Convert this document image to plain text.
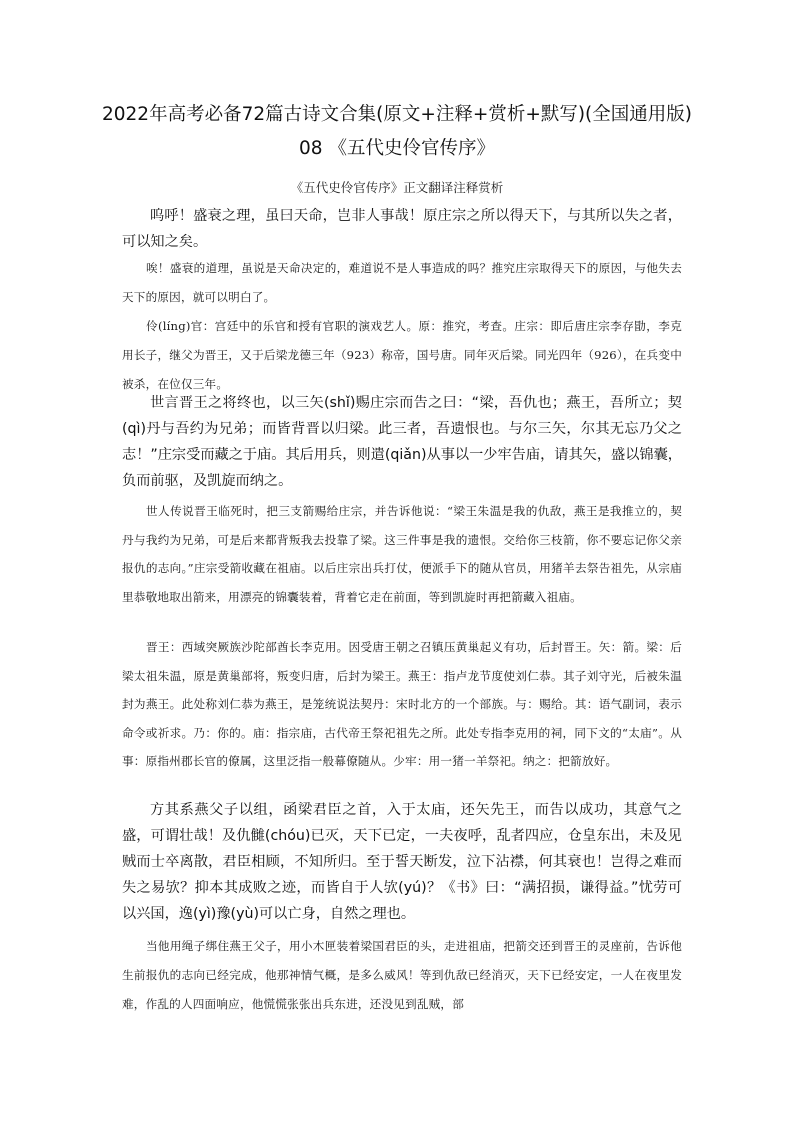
2022年高考必备72篇古诗文合集(原文+注释+赏析+默写)(全国通用版)
08 《五代史伶官传序》
《五代史伶官传序》正文翻译注释赏析

呜呼！盛衰之理，虽曰天命，岂非人事哉！原庄宗之所以得天下，与其所以失之者，可以知之矣。

唉！盛衰的道理，虽说是天命决定的，难道说不是人事造成的吗？推究庄宗取得天下的原因，与他失去天下的原因，就可以明白了。

伶(líng)官：宫廷中的乐官和授有官职的演戏艺人。原：推究，考查。庄宗：即后唐庄宗李存勖，李克用长子，继父为晋王，又于后梁龙德三年（923）称帝，国号唐。同年灭后梁。同光四年（926），在兵变中被杀，在位仅三年。

世言晋王之将终也，以三矢(shǐ)赐庄宗而告之曰：“梁，吾仇也；燕王，吾所立；契(qì)丹与吾约为兄弟；而皆背晋以归梁。此三者，吾遗恨也。与尔三矢，尔其无忘乃父之志！”庄宗受而藏之于庙。其后用兵，则遣(qiǎn)从事以一少牢告庙，请其矢，盛以锦囊，负而前驱，及凯旋而纳之。

世人传说晋王临死时，把三支箭赐给庄宗，并告诉他说：“梁王朱温是我的仇敌，燕王是我推立的，契丹与我约为兄弟，可是后来都背叛我去投靠了梁。这三件事是我的遗恨。交给你三枝箭，你不要忘记你父亲报仇的志向。”庄宗受箭收藏在祖庙。以后庄宗出兵打仗，便派手下的随从官员，用猪羊去祭告祖先，从宗庙里恭敬地取出箭来，用漂亮的锦囊装着，背着它走在前面，等到凯旋时再把箭藏入祖庙。

晋王：西域突厥族沙陀部酋长李克用。因受唐王朝之召镇压黄巢起义有功，后封晋王。矢：箭。梁：后梁太祖朱温，原是黄巢部将，叛变归唐，后封为梁王。燕王：指卢龙节度使刘仁恭。其子刘守光，后被朱温封为燕王。此处称刘仁恭为燕王，是笼统说法契丹：宋时北方的一个部族。与：赐给。其：语气副词，表示命令或祈求。乃：你的。庙：指宗庙，古代帝王祭祀祖先之所。此处专指李克用的祠，同下文的“太庙”。从事：原指州郡长官的僚属，这里泛指一般幕僚随从。少牢：用一猪一羊祭祀。纳之：把箭放好。

方其系燕父子以组，函梁君臣之首，入于太庙，还矢先王，而告以成功，其意气之盛，可谓壮哉！及仇雠(chóu)已灭，天下已定，一夫夜呼，乱者四应，仓皇东出，未及见贼而士卒离散，君臣相顾，不知所归。至于誓天断发，泣下沾襟，何其衰也！岂得之难而失之易欤？抑本其成败之迹，而皆自于人欤(yú)？《书》曰：“满招损，谦得益。”忧劳可以兴国，逸(yì)豫(yù)可以亡身，自然之理也。

当他用绳子绑住燕王父子，用小木匣装着梁国君臣的头，走进祖庙，把箭交还到晋王的灵座前，告诉他生前报仇的志向已经完成，他那神情气概，是多么威风！等到仇敌已经消灭，天下已经安定，一人在夜里发难，作乱的人四面响应，他慌慌张张出兵东进，还没见到乱贼，部
